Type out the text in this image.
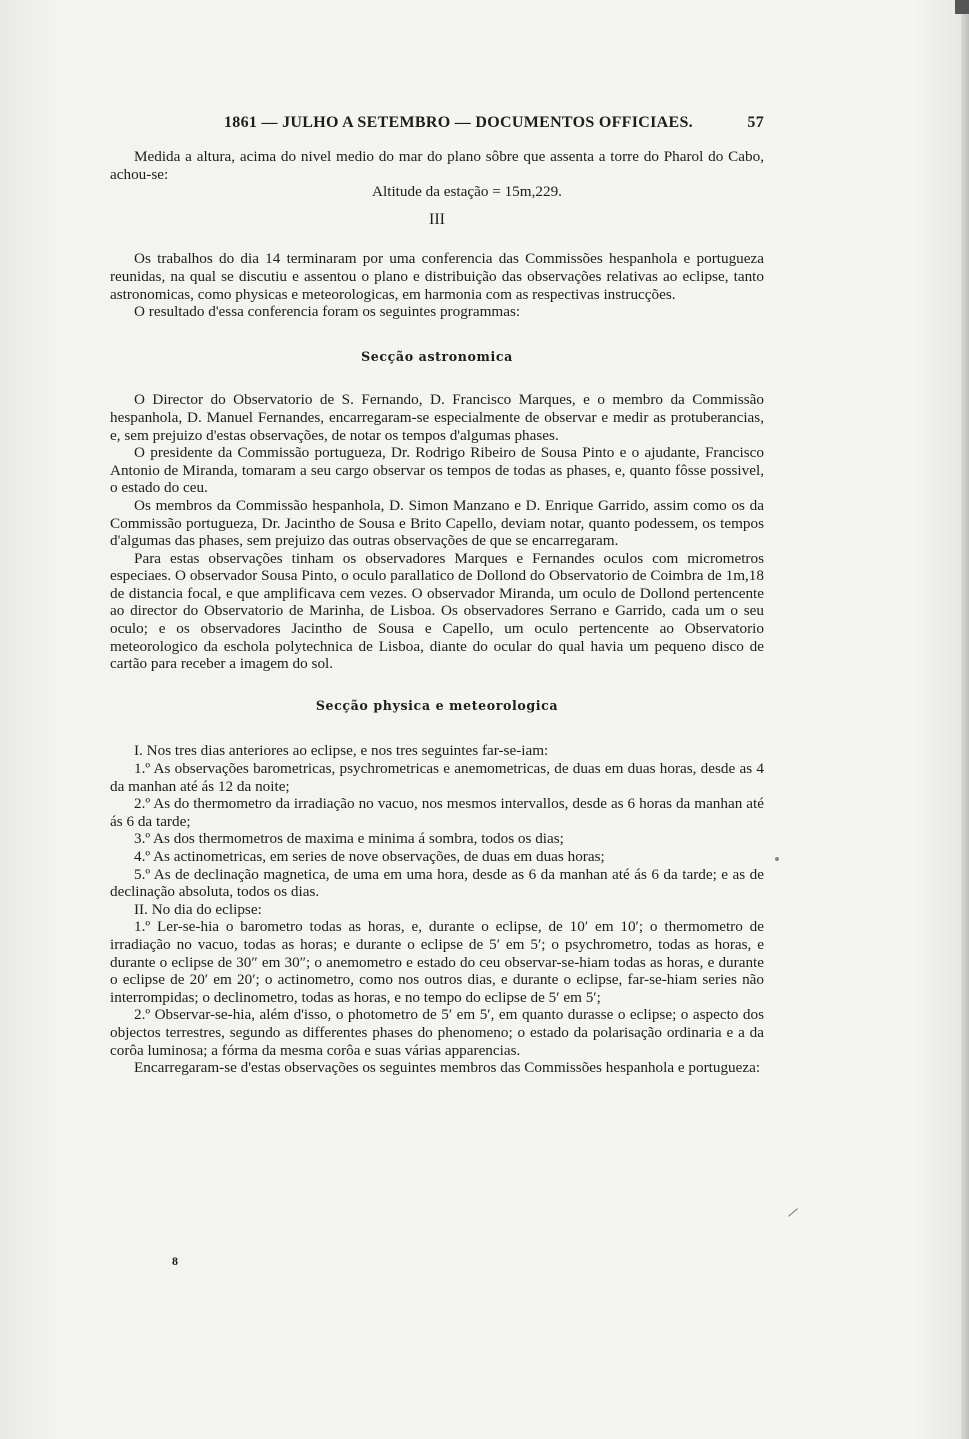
1861 — JULHO A SETEMBRO — DOCUMENTOS OFFICIAES.	57

Medida a altura, acima do nivel medio do mar do plano sôbre que assenta a torre do Pharol do Cabo, achou-se:

Altitude da estação = 15m,229.

III

Os trabalhos do dia 14 terminaram por uma conferencia das Commissões hespanhola e portugueza reunidas, na qual se discutiu e assentou o plano e distribuição das observações relativas ao eclipse, tanto astronomicas, como physicas e meteorologicas, em harmonia com as respectivas instrucções.

O resultado d'essa conferencia foram os seguintes programmas:

Secção astronomica

O Director do Observatorio de S. Fernando, D. Francisco Marques, e o membro da Commissão hespanhola, D. Manuel Fernandes, encarregaram-se especialmente de observar e medir as protuberancias, e, sem prejuizo d'estas observações, de notar os tempos d'algumas phases.

O presidente da Commissão portugueza, Dr. Rodrigo Ribeiro de Sousa Pinto e o ajudante, Francisco Antonio de Miranda, tomaram a seu cargo observar os tempos de todas as phases, e, quanto fôsse possivel, o estado do ceu.

Os membros da Commissão hespanhola, D. Simon Manzano e D. Enrique Garrido, assim como os da Commissão portugueza, Dr. Jacintho de Sousa e Brito Capello, deviam notar, quanto podessem, os tempos d'algumas das phases, sem prejuizo das outras observações de que se encarregaram.

Para estas observações tinham os observadores Marques e Fernandes oculos com micrometros especiaes. O observador Sousa Pinto, o oculo parallatico de Dollond do Observatorio de Coimbra de 1m,18 de distancia focal, e que amplificava cem vezes. O observador Miranda, um oculo de Dollond pertencente ao director do Observatorio de Marinha, de Lisboa. Os observadores Serrano e Garrido, cada um o seu oculo; e os observadores Jacintho de Sousa e Capello, um oculo pertencente ao Observatorio meteorologico da eschola polytechnica de Lisboa, diante do ocular do qual havia um pequeno disco de cartão para receber a imagem do sol.

Secção physica e meteorologica

I. Nos tres dias anteriores ao eclipse, e nos tres seguintes far-se-iam:

1.º As observações barometricas, psychrometricas e anemometricas, de duas em duas horas, desde as 4 da manhan até ás 12 da noite;

2.º As do thermometro da irradiação no vacuo, nos mesmos intervallos, desde as 6 horas da manhan até ás 6 da tarde;

3.º As dos thermometros de maxima e minima á sombra, todos os dias;

4.º As actinometricas, em series de nove observações, de duas em duas horas;

5.º As de declinação magnetica, de uma em uma hora, desde as 6 da manhan até ás 6 da tarde; e as de declinação absoluta, todos os dias.

II. No dia do eclipse:

1.º Ler-se-hia o barometro todas as horas, e, durante o eclipse, de 10′ em 10′; o thermometro de irradiação no vacuo, todas as horas; e durante o eclipse de 5′ em 5′; o psychrometro, todas as horas, e durante o eclipse de 30″ em 30″; o anemometro e estado do ceu observar-se-hiam todas as horas, e durante o eclipse de 20′ em 20′; o actinometro, como nos outros dias, e durante o eclipse, far-se-hiam series não interrompidas; o declinometro, todas as horas, e no tempo do eclipse de 5′ em 5′;

2.º Observar-se-hia, além d'isso, o photometro de 5′ em 5′, em quanto durasse o eclipse; o aspecto dos objectos terrestres, segundo as differentes phases do phenomeno; o estado da polarisação ordinaria e a da corôa luminosa; a fórma da mesma corôa e suas várias apparencias.

Encarregaram-se d'estas observações os seguintes membros das Commissões hespanhola e portugueza:

8
